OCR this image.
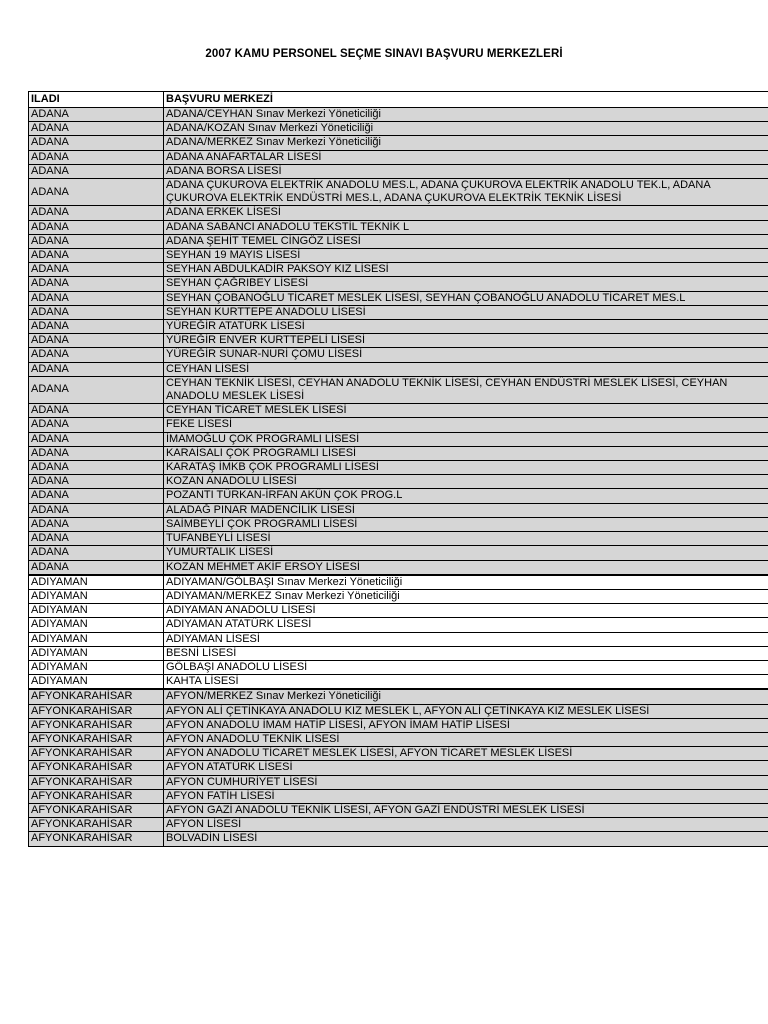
2007 KAMU PERSONEL SEÇME SINAVI BAŞVURU MERKEZLERİ
ILADI	BAŞVURU MERKEZİ
ADANA	ADANA/CEYHAN Sınav Merkezi Yöneticiliği
ADANA	ADANA/KOZAN Sınav Merkezi Yöneticiliği
ADANA	ADANA/MERKEZ Sınav Merkezi Yöneticiliği
ADANA	ADANA ANAFARTALAR LİSESİ
ADANA	ADANA BORSA LİSESİ
ADANA	ADANA ÇUKUROVA ELEKTRİK ANADOLU MES.L, ADANA ÇUKUROVA ELEKTRİK ANADOLU TEK.L, ADANA ÇUKUROVA ELEKTRİK ENDÜSTRİ MES.L, ADANA ÇUKUROVA ELEKTRİK TEKNİK LİSESİ
ADANA	ADANA ERKEK LİSESİ
ADANA	ADANA SABANCI ANADOLU TEKSTİL TEKNİK L
ADANA	ADANA ŞEHİT TEMEL CİNGÖZ LİSESİ
ADANA	SEYHAN 19 MAYIS LİSESİ
ADANA	SEYHAN ABDULKADİR PAKSOY KIZ LİSESİ
ADANA	SEYHAN ÇAĞRIBEY LİSESİ
ADANA	SEYHAN ÇOBANOĞLU TİCARET MESLEK LİSESİ, SEYHAN ÇOBANOĞLU ANADOLU TİCARET MES.L
ADANA	SEYHAN KURTTEPE ANADOLU LİSESİ
ADANA	YÜREĞİR ATATÜRK LİSESİ
ADANA	YÜREĞİR ENVER KURTTEPELİ LİSESİ
ADANA	YÜREĞİR SUNAR-NURİ ÇOMU LİSESİ
ADANA	CEYHAN LİSESİ
ADANA	CEYHAN TEKNİK LİSESİ, CEYHAN ANADOLU TEKNİK LİSESİ, CEYHAN ENDÜSTRİ MESLEK LİSESİ, CEYHAN ANADOLU MESLEK LİSESİ
ADANA	CEYHAN TİCARET MESLEK LİSESİ
ADANA	FEKE LİSESİ
ADANA	İMAMOĞLU ÇOK PROGRAMLI LİSESİ
ADANA	KARAİSALI ÇOK PROGRAMLI LİSESİ
ADANA	KARATAŞ İMKB ÇOK PROGRAMLI LİSESİ
ADANA	KOZAN ANADOLU LİSESİ
ADANA	POZANTI TÜRKAN-İRFAN AKÜN ÇOK PROG.L
ADANA	ALADAĞ PINAR MADENCİLİK LİSESİ
ADANA	SAİMBEYLİ ÇOK PROGRAMLI LİSESİ
ADANA	TUFANBEYLİ LİSESİ
ADANA	YUMURTALIK LİSESİ
ADANA	KOZAN MEHMET AKİF ERSOY LİSESİ
ADIYAMAN	ADIYAMAN/GÖLBAŞI Sınav Merkezi Yöneticiliği
ADIYAMAN	ADIYAMAN/MERKEZ Sınav Merkezi Yöneticiliği
ADIYAMAN	ADIYAMAN ANADOLU LİSESİ
ADIYAMAN	ADIYAMAN ATATÜRK LİSESİ
ADIYAMAN	ADIYAMAN LİSESİ
ADIYAMAN	BESNİ LİSESİ
ADIYAMAN	GÖLBAŞI ANADOLU LİSESİ
ADIYAMAN	KAHTA LİSESİ
AFYONKARAHİSAR	AFYON/MERKEZ Sınav Merkezi Yöneticiliği
AFYONKARAHİSAR	AFYON ALİ ÇETİNKAYA ANADOLU KIZ MESLEK L, AFYON ALİ ÇETİNKAYA KIZ MESLEK LİSESİ
AFYONKARAHİSAR	AFYON ANADOLU İMAM HATİP LİSESİ, AFYON İMAM HATİP LİSESİ
AFYONKARAHİSAR	AFYON ANADOLU TEKNİK LİSESİ
AFYONKARAHİSAR	AFYON ANADOLU TİCARET MESLEK LİSESİ, AFYON TİCARET MESLEK LİSESİ
AFYONKARAHİSAR	AFYON ATATÜRK LİSESİ
AFYONKARAHİSAR	AFYON CUMHURİYET LİSESİ
AFYONKARAHİSAR	AFYON FATİH LİSESİ
AFYONKARAHİSAR	AFYON GAZİ ANADOLU TEKNİK LİSESİ, AFYON GAZİ ENDÜSTRİ MESLEK LİSESİ
AFYONKARAHİSAR	AFYON LİSESİ
AFYONKARAHİSAR	BOLVADİN LİSESİ
